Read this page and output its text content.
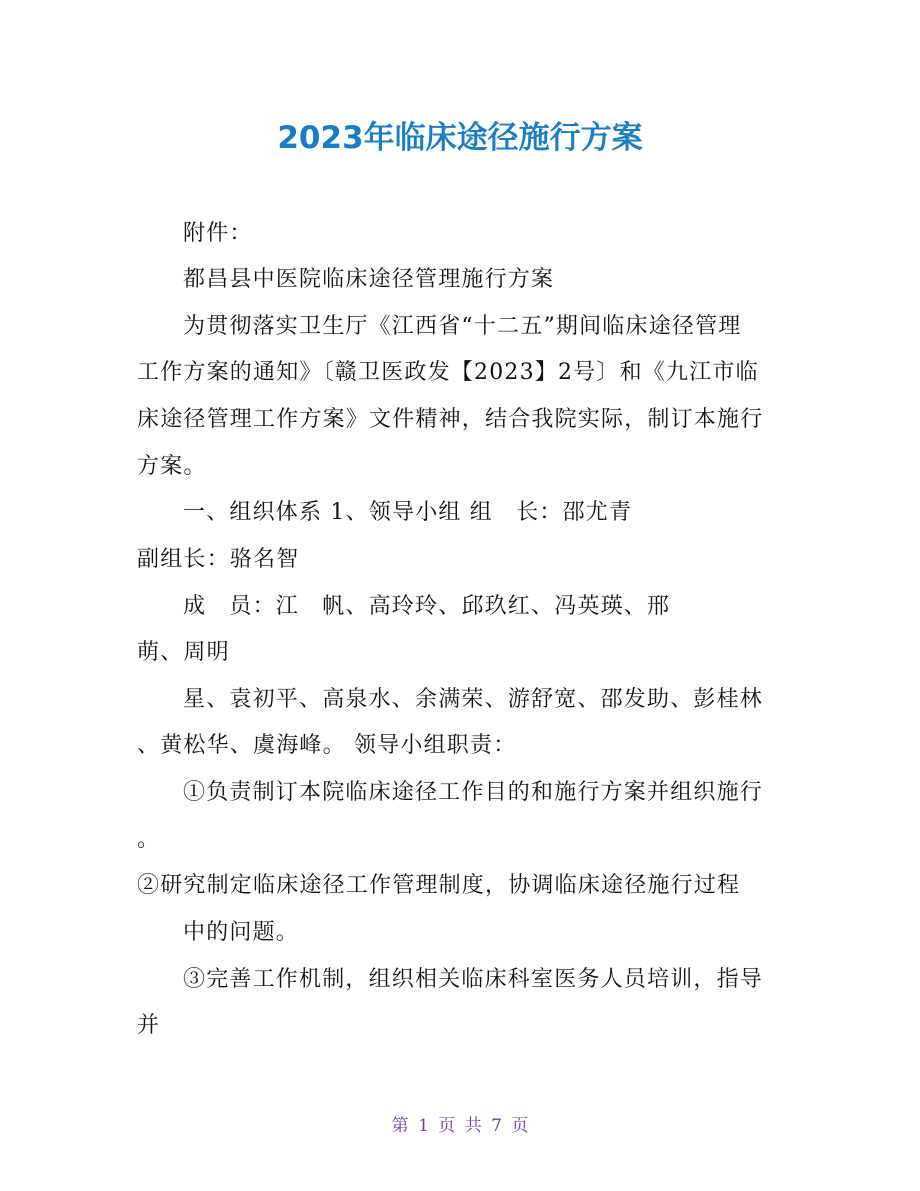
2023年临床途径施行方案
附件：
都昌县中医院临床途径管理施行方案
为贯彻落实卫生厅《江西省“十二五”期间临床途径管理
工作方案的通知》〔赣卫医政发【2023】2号〕和《九江市临
床途径管理工作方案》文件精神，结合我院实际，制订本施行
方案。
一、组织体系 1、领导小组 组　长：邵尤青
副组长：骆名智
成　员：江　帆、高玲玲、邱玖红、冯英瑛、邢
萌、周明
星、袁初平、高泉水、余满荣、游舒宽、邵发助、彭桂林
、黄松华、虞海峰。 领导小组职责：
①负责制订本院临床途径工作目的和施行方案并组织施行
。
②研究制定临床途径工作管理制度，协调临床途径施行过程
中的问题。
③完善工作机制，组织相关临床科室医务人员培训，指导
并
第 1 页 共 7 页
